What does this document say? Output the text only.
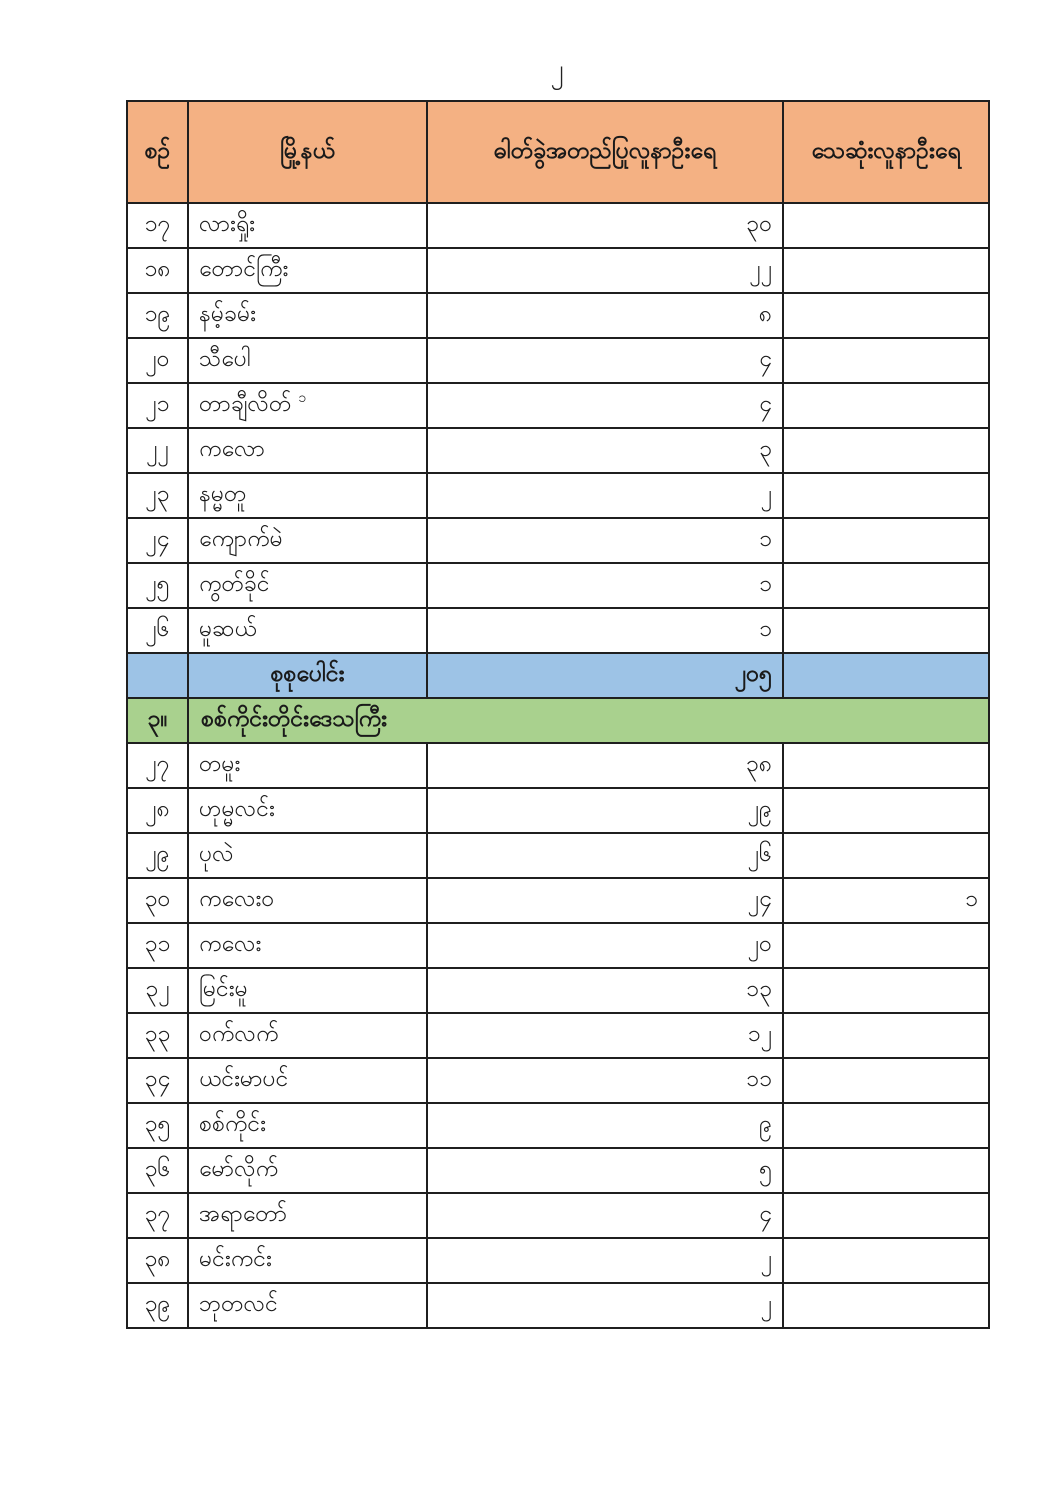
၂
စဉ်	မြို့နယ်	ဓါတ်ခွဲအတည်ပြုလူနာဦးရေ	သေဆုံးလူနာဦးရေ
၁၇	လားရှိုး	၃၀	
၁၈	တောင်ကြီး	၂၂	
၁၉	နမ့်ခမ်း	၈	
၂၀	သီပေါ	၄	
၂၁	တာချီလိတ် $^၁$	၄	
၂၂	ကလော	၃	
၂၃	နမ္မတူ	၂	
၂၄	ကျောက်မဲ	၁	
၂၅	ကွတ်ခိုင်	၁	
၂၆	မူဆယ်	၁	
	စုစုပေါင်း	၂၀၅	
၃။	စစ်ကိုင်းတိုင်းဒေသကြီး		
၂၇	တမူး	၃၈	
၂၈	ဟုမ္မလင်း	၂၉	
၂၉	ပုလဲ	၂၆	
၃၀	ကလေးဝ	၂၄	၁
၃၁	ကလေး	၂၀	
၃၂	မြင်းမူ	၁၃	
၃၃	ဝက်လက်	၁၂	
၃၄	ယင်းမာပင်	၁၁	
၃၅	စစ်ကိုင်း	၉	
၃၆	မော်လိုက်	၅	
၃၇	အရာတော်	၄	
၃၈	မင်းကင်း	၂	
၃၉	ဘုတလင်	၂	
